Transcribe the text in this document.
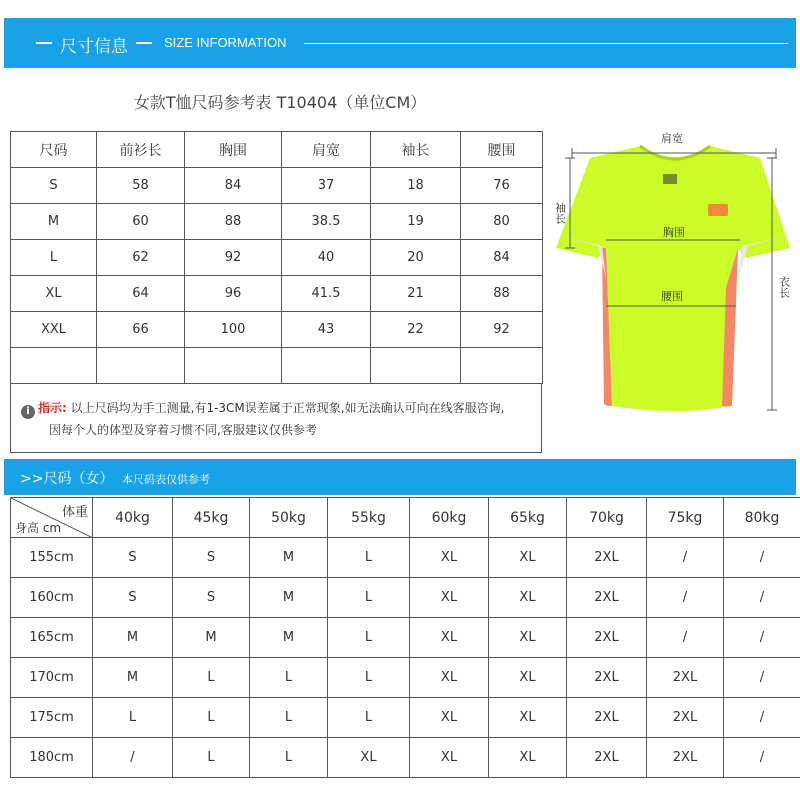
尺寸信息	SIZE INFORMATION
女款T恤尺码参考表 T10404（单位CM）
尺码	前衫长	胸围	肩宽	袖长	腰围
S	58	84	37	18	76
M	60	88	38.5	19	80
L	62	92	40	20	84
XL	64	96	41.5	21	88
XXL	66	100	43	22	92

i 指示: 以上尺码均为手工测量,有1-3CM误差属于正常现象,如无法确认可向在线客服咨询,
因每个人的体型及穿着习惯不同,客服建议仅供参考
肩宽
袖长
胸围
腰围	衣长
>>尺码（女） 本尺码表仅供参考
体重
身高 cm	40kg	45kg	50kg	55kg	60kg	65kg	70kg	75kg	80kg
155cm	S	S	M	L	XL	XL	2XL	/	/
160cm	S	S	M	L	XL	XL	2XL	/	/
165cm	M	M	M	L	XL	XL	2XL	/	/
170cm	M	L	L	L	XL	XL	2XL	2XL	/
175cm	L	L	L	L	XL	XL	2XL	2XL	/
180cm	/	L	L	XL	XL	XL	2XL	2XL	/
